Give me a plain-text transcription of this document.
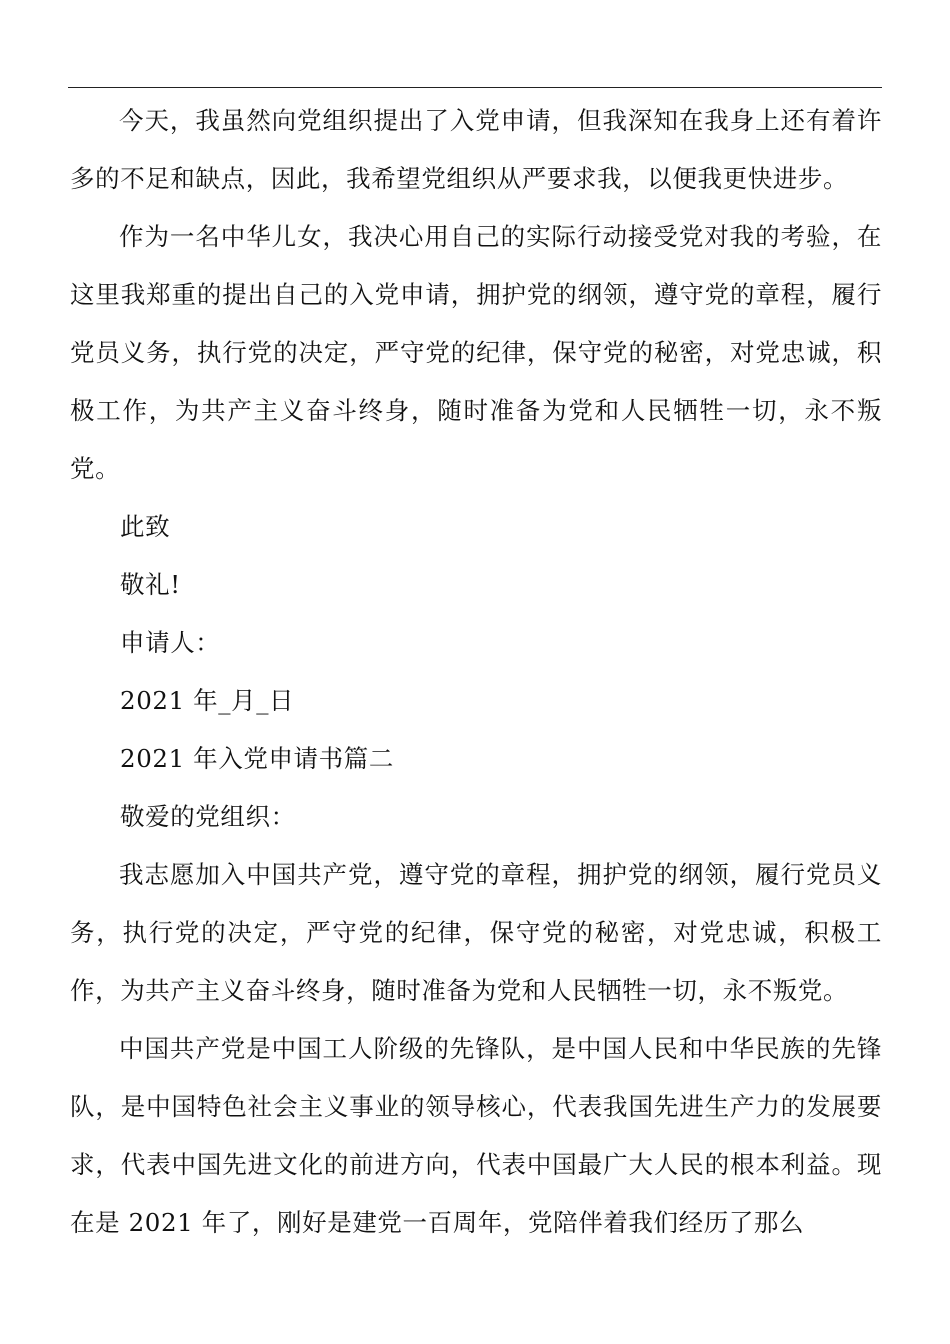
今天，我虽然向党组织提出了入党申请，但我深知在我身上还有着许多的不足和缺点，因此，我希望党组织从严要求我，以便我更快进步。

作为一名中华儿女，我决心用自己的实际行动接受党对我的考验，在这里我郑重的提出自己的入党申请，拥护党的纲领，遵守党的章程，履行党员义务，执行党的决定，严守党的纪律，保守党的秘密，对党忠诚，积极工作，为共产主义奋斗终身，随时准备为党和人民牺牲一切，永不叛党。

此致

敬礼!

申请人：

2021 年_月_日

2021 年入党申请书篇二

敬爱的党组织：

我志愿加入中国共产党，遵守党的章程，拥护党的纲领，履行党员义务，执行党的决定，严守党的纪律，保守党的秘密，对党忠诚，积极工作，为共产主义奋斗终身，随时准备为党和人民牺牲一切，永不叛党。

中国共产党是中国工人阶级的先锋队，是中国人民和中华民族的先锋队，是中国特色社会主义事业的领导核心，代表我国先进生产力的发展要求，代表中国先进文化的前进方向，代表中国最广大人民的根本利益。现在是 2021 年了，刚好是建党一百周年，党陪伴着我们经历了那么
